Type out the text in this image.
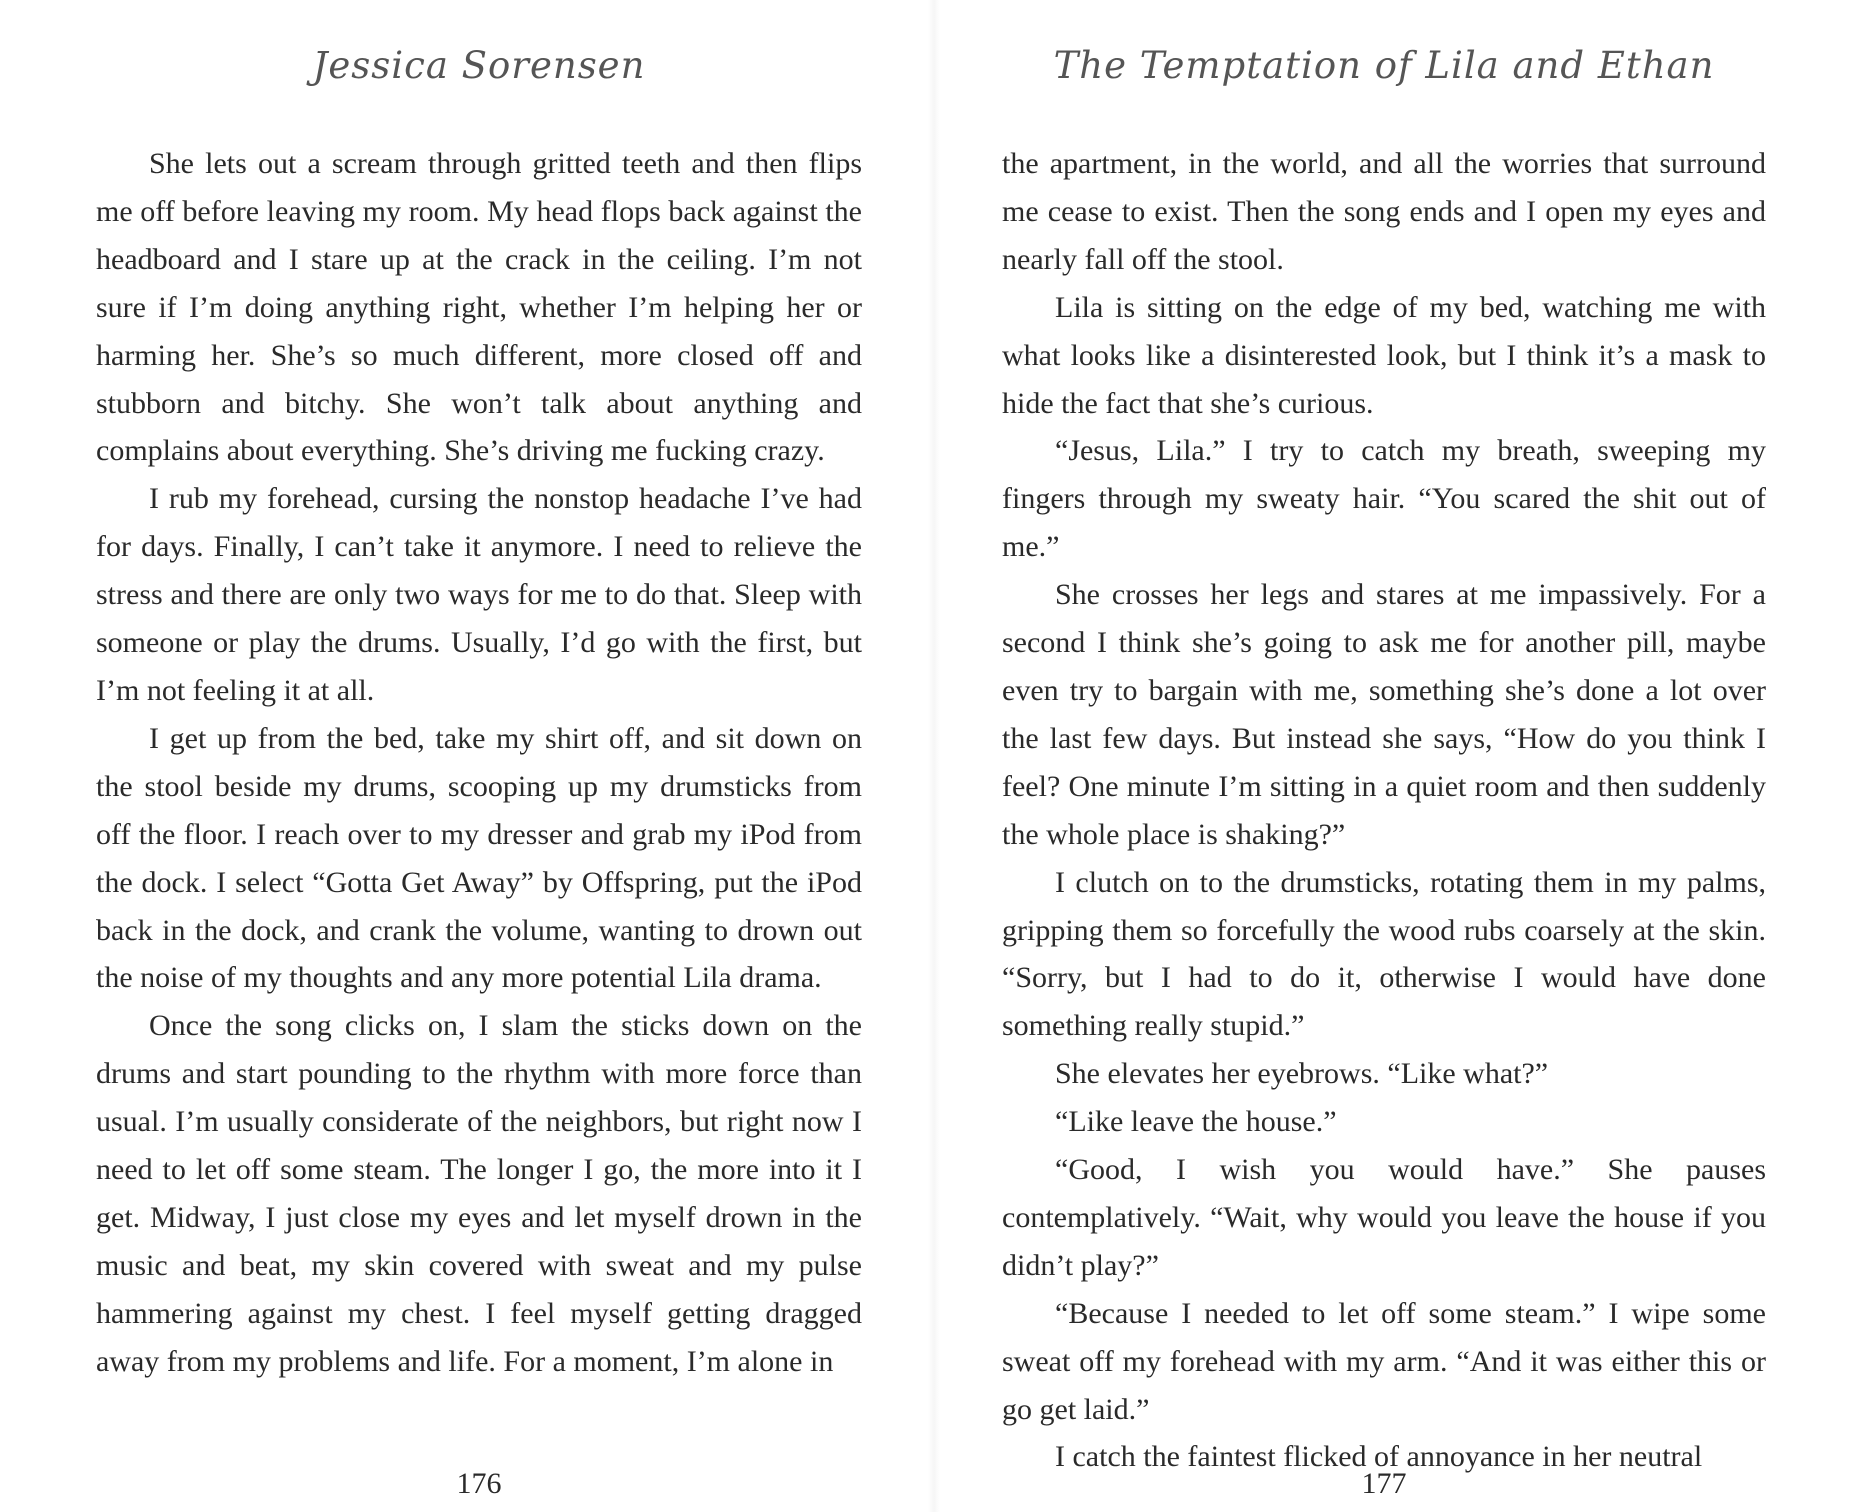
Jessica Sorensen

She lets out a scream through gritted teeth and then flips me off before leaving my room. My head flops back against the headboard and I stare up at the crack in the ceiling. I’m not sure if I’m doing anything right, whether I’m helping her or harming her. She’s so much different, more closed off and stubborn and bitchy. She won’t talk about anything and complains about everything. She’s driving me fucking crazy.

I rub my forehead, cursing the nonstop headache I’ve had for days. Finally, I can’t take it anymore. I need to relieve the stress and there are only two ways for me to do that. Sleep with someone or play the drums. Usually, I’d go with the first, but I’m not feeling it at all.

I get up from the bed, take my shirt off, and sit down on the stool beside my drums, scooping up my drumsticks from off the floor. I reach over to my dresser and grab my iPod from the dock. I select “Gotta Get Away” by Offspring, put the iPod back in the dock, and crank the volume, wanting to drown out the noise of my thoughts and any more potential Lila drama.

Once the song clicks on, I slam the sticks down on the drums and start pounding to the rhythm with more force than usual. I’m usually considerate of the neighbors, but right now I need to let off some steam. The longer I go, the more into it I get. Midway, I just close my eyes and let myself drown in the music and beat, my skin covered with sweat and my pulse hammering against my chest. I feel myself getting dragged away from my problems and life. For a moment, I’m alone in

176
The Temptation of Lila and Ethan

the apartment, in the world, and all the worries that surround me cease to exist. Then the song ends and I open my eyes and nearly fall off the stool.

Lila is sitting on the edge of my bed, watching me with what looks like a disinterested look, but I think it’s a mask to hide the fact that she’s curious.

“Jesus, Lila.” I try to catch my breath, sweeping my fingers through my sweaty hair. “You scared the shit out of me.”

She crosses her legs and stares at me impassively. For a second I think she’s going to ask me for another pill, maybe even try to bargain with me, something she’s done a lot over the last few days. But instead she says, “How do you think I feel? One minute I’m sitting in a quiet room and then suddenly the whole place is shaking?”

I clutch on to the drumsticks, rotating them in my palms, gripping them so forcefully the wood rubs coarsely at the skin. “Sorry, but I had to do it, otherwise I would have done something really stupid.”

She elevates her eyebrows. “Like what?”

“Like leave the house.”

“Good, I wish you would have.” She pauses contemplatively. “Wait, why would you leave the house if you didn’t play?”

“Because I needed to let off some steam.” I wipe some sweat off my forehead with my arm. “And it was either this or go get laid.”

I catch the faintest flicked of annoyance in her neutral

177
